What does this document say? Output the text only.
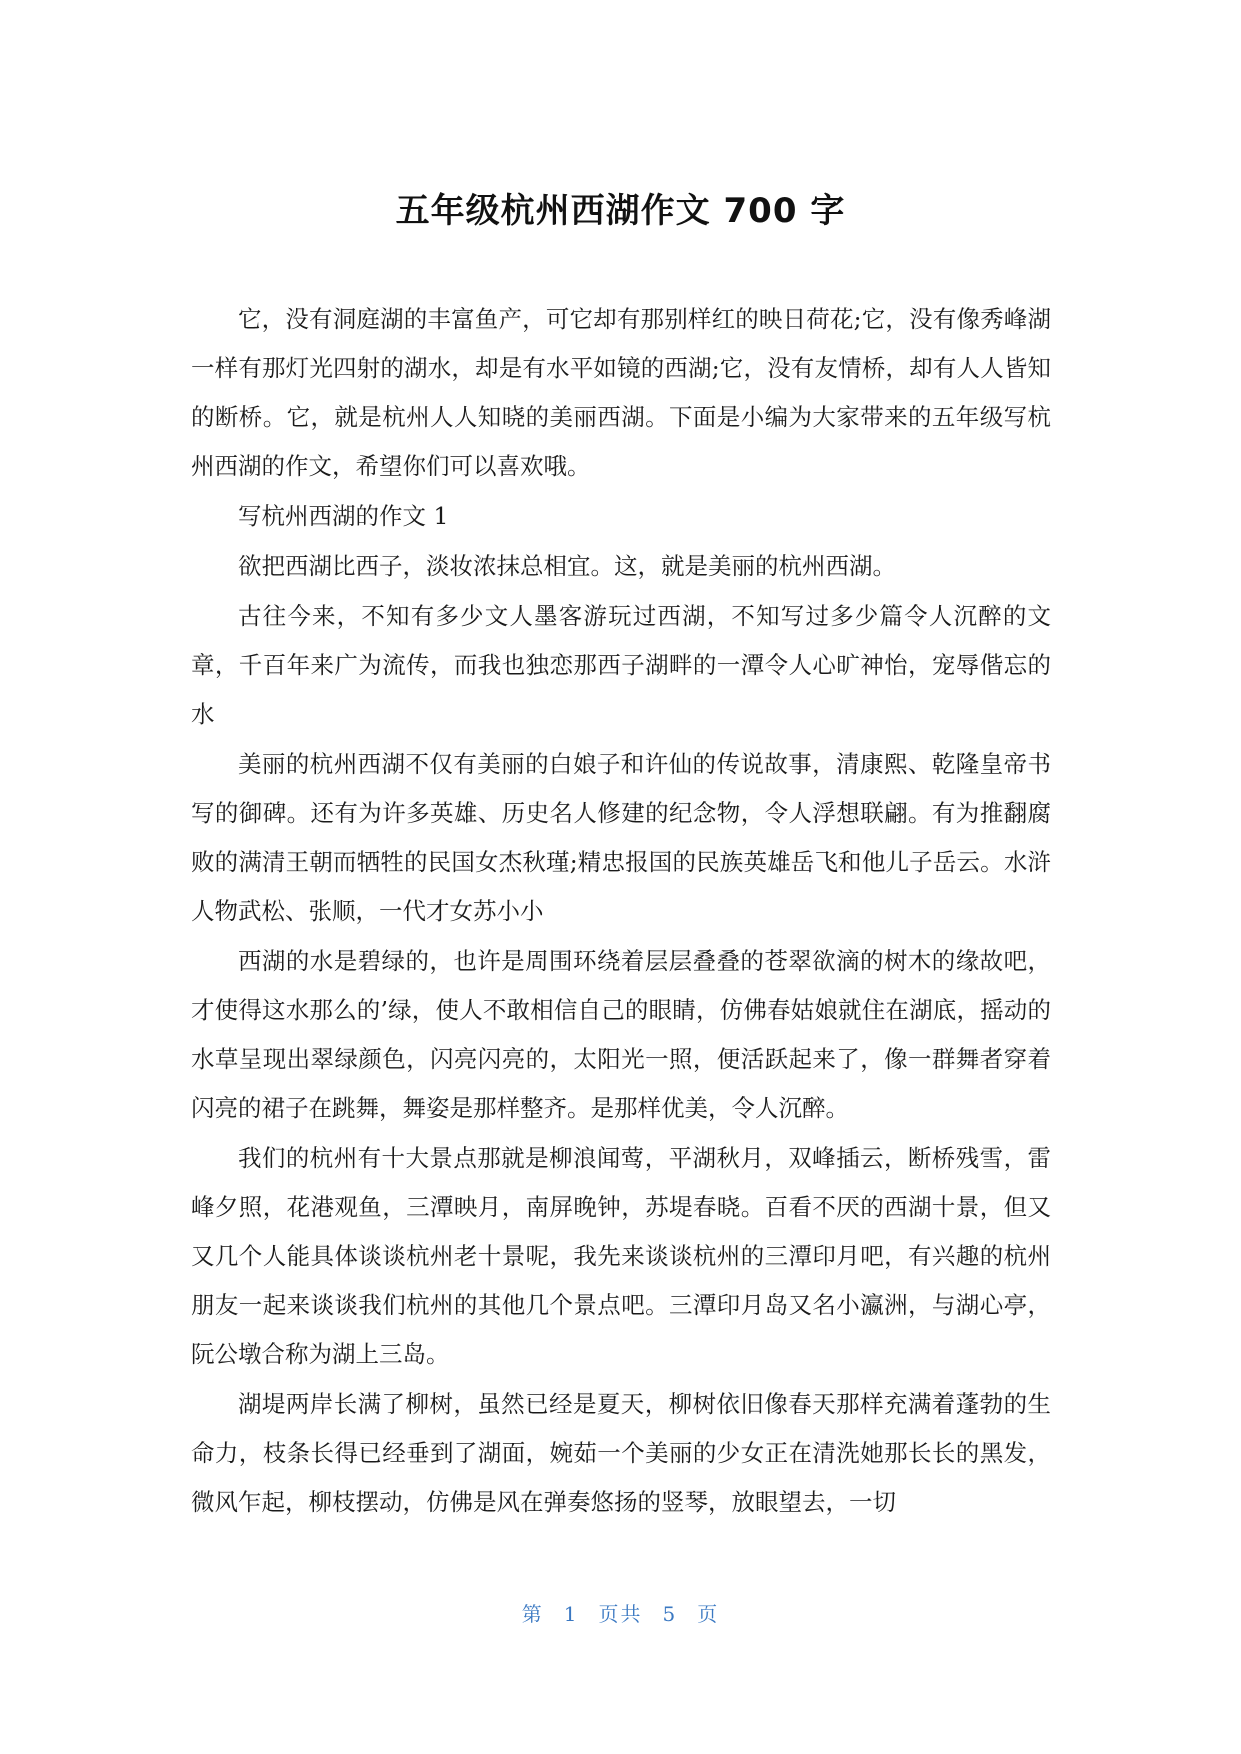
五年级杭州西湖作文 700 字

它，没有洞庭湖的丰富鱼产，可它却有那别样红的映日荷花;它，没有像秀峰湖一样有那灯光四射的湖水，却是有水平如镜的西湖;它，没有友情桥，却有人人皆知的断桥。它，就是杭州人人知晓的美丽西湖。下面是小编为大家带来的五年级写杭州西湖的作文，希望你们可以喜欢哦。

写杭州西湖的作文 1

欲把西湖比西子，淡妆浓抹总相宜。这，就是美丽的杭州西湖。

古往今来，不知有多少文人墨客游玩过西湖，不知写过多少篇令人沉醉的文章，千百年来广为流传，而我也独恋那西子湖畔的一潭令人心旷神怡，宠辱偕忘的水

美丽的杭州西湖不仅有美丽的白娘子和许仙的传说故事，清康熙、乾隆皇帝书写的御碑。还有为许多英雄、历史名人修建的纪念物，令人浮想联翩。有为推翻腐败的满清王朝而牺牲的民国女杰秋瑾;精忠报国的民族英雄岳飞和他儿子岳云。水浒人物武松、张顺，一代才女苏小小

西湖的水是碧绿的，也许是周围环绕着层层叠叠的苍翠欲滴的树木的缘故吧，才使得这水那么的’绿，使人不敢相信自己的眼睛，仿佛春姑娘就住在湖底，摇动的水草呈现出翠绿颜色，闪亮闪亮的，太阳光一照，便活跃起来了，像一群舞者穿着闪亮的裙子在跳舞，舞姿是那样整齐。是那样优美，令人沉醉。

我们的杭州有十大景点那就是柳浪闻莺，平湖秋月，双峰插云，断桥残雪，雷峰夕照，花港观鱼，三潭映月，南屏晚钟，苏堤春晓。百看不厌的西湖十景，但又又几个人能具体谈谈杭州老十景呢，我先来谈谈杭州的三潭印月吧，有兴趣的杭州朋友一起来谈谈我们杭州的其他几个景点吧。三潭印月岛又名小瀛洲，与湖心亭，阮公墩合称为湖上三岛。

湖堤两岸长满了柳树，虽然已经是夏天，柳树依旧像春天那样充满着蓬勃的生命力，枝条长得已经垂到了湖面，婉茹一个美丽的少女正在清洗她那长长的黑发，微风乍起，柳枝摆动，仿佛是风在弹奏悠扬的竖琴，放眼望去，一切

第 1 页共 5 页
